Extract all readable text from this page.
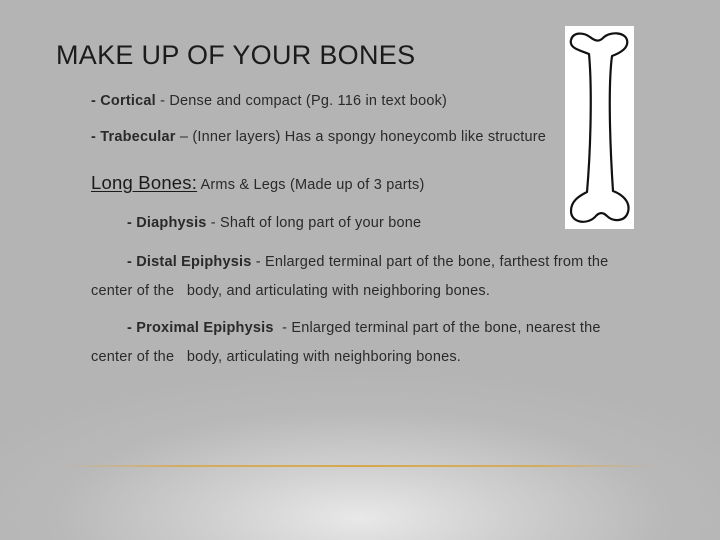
MAKE UP OF YOUR BONES
- Cortical - Dense and compact (Pg. 116 in text book)
- Trabecular – (Inner layers) Has a spongy honeycomb like structure
Long Bones: Arms & Legs (Made up of 3 parts)
- Diaphysis - Shaft of long part of your bone
- Distal Epiphysis - Enlarged terminal part of the bone, farthest from the
center of the   body, and articulating with neighboring bones.
- Proximal Epiphysis  - Enlarged terminal part of the bone, nearest the
center of the   body, articulating with neighboring bones.
